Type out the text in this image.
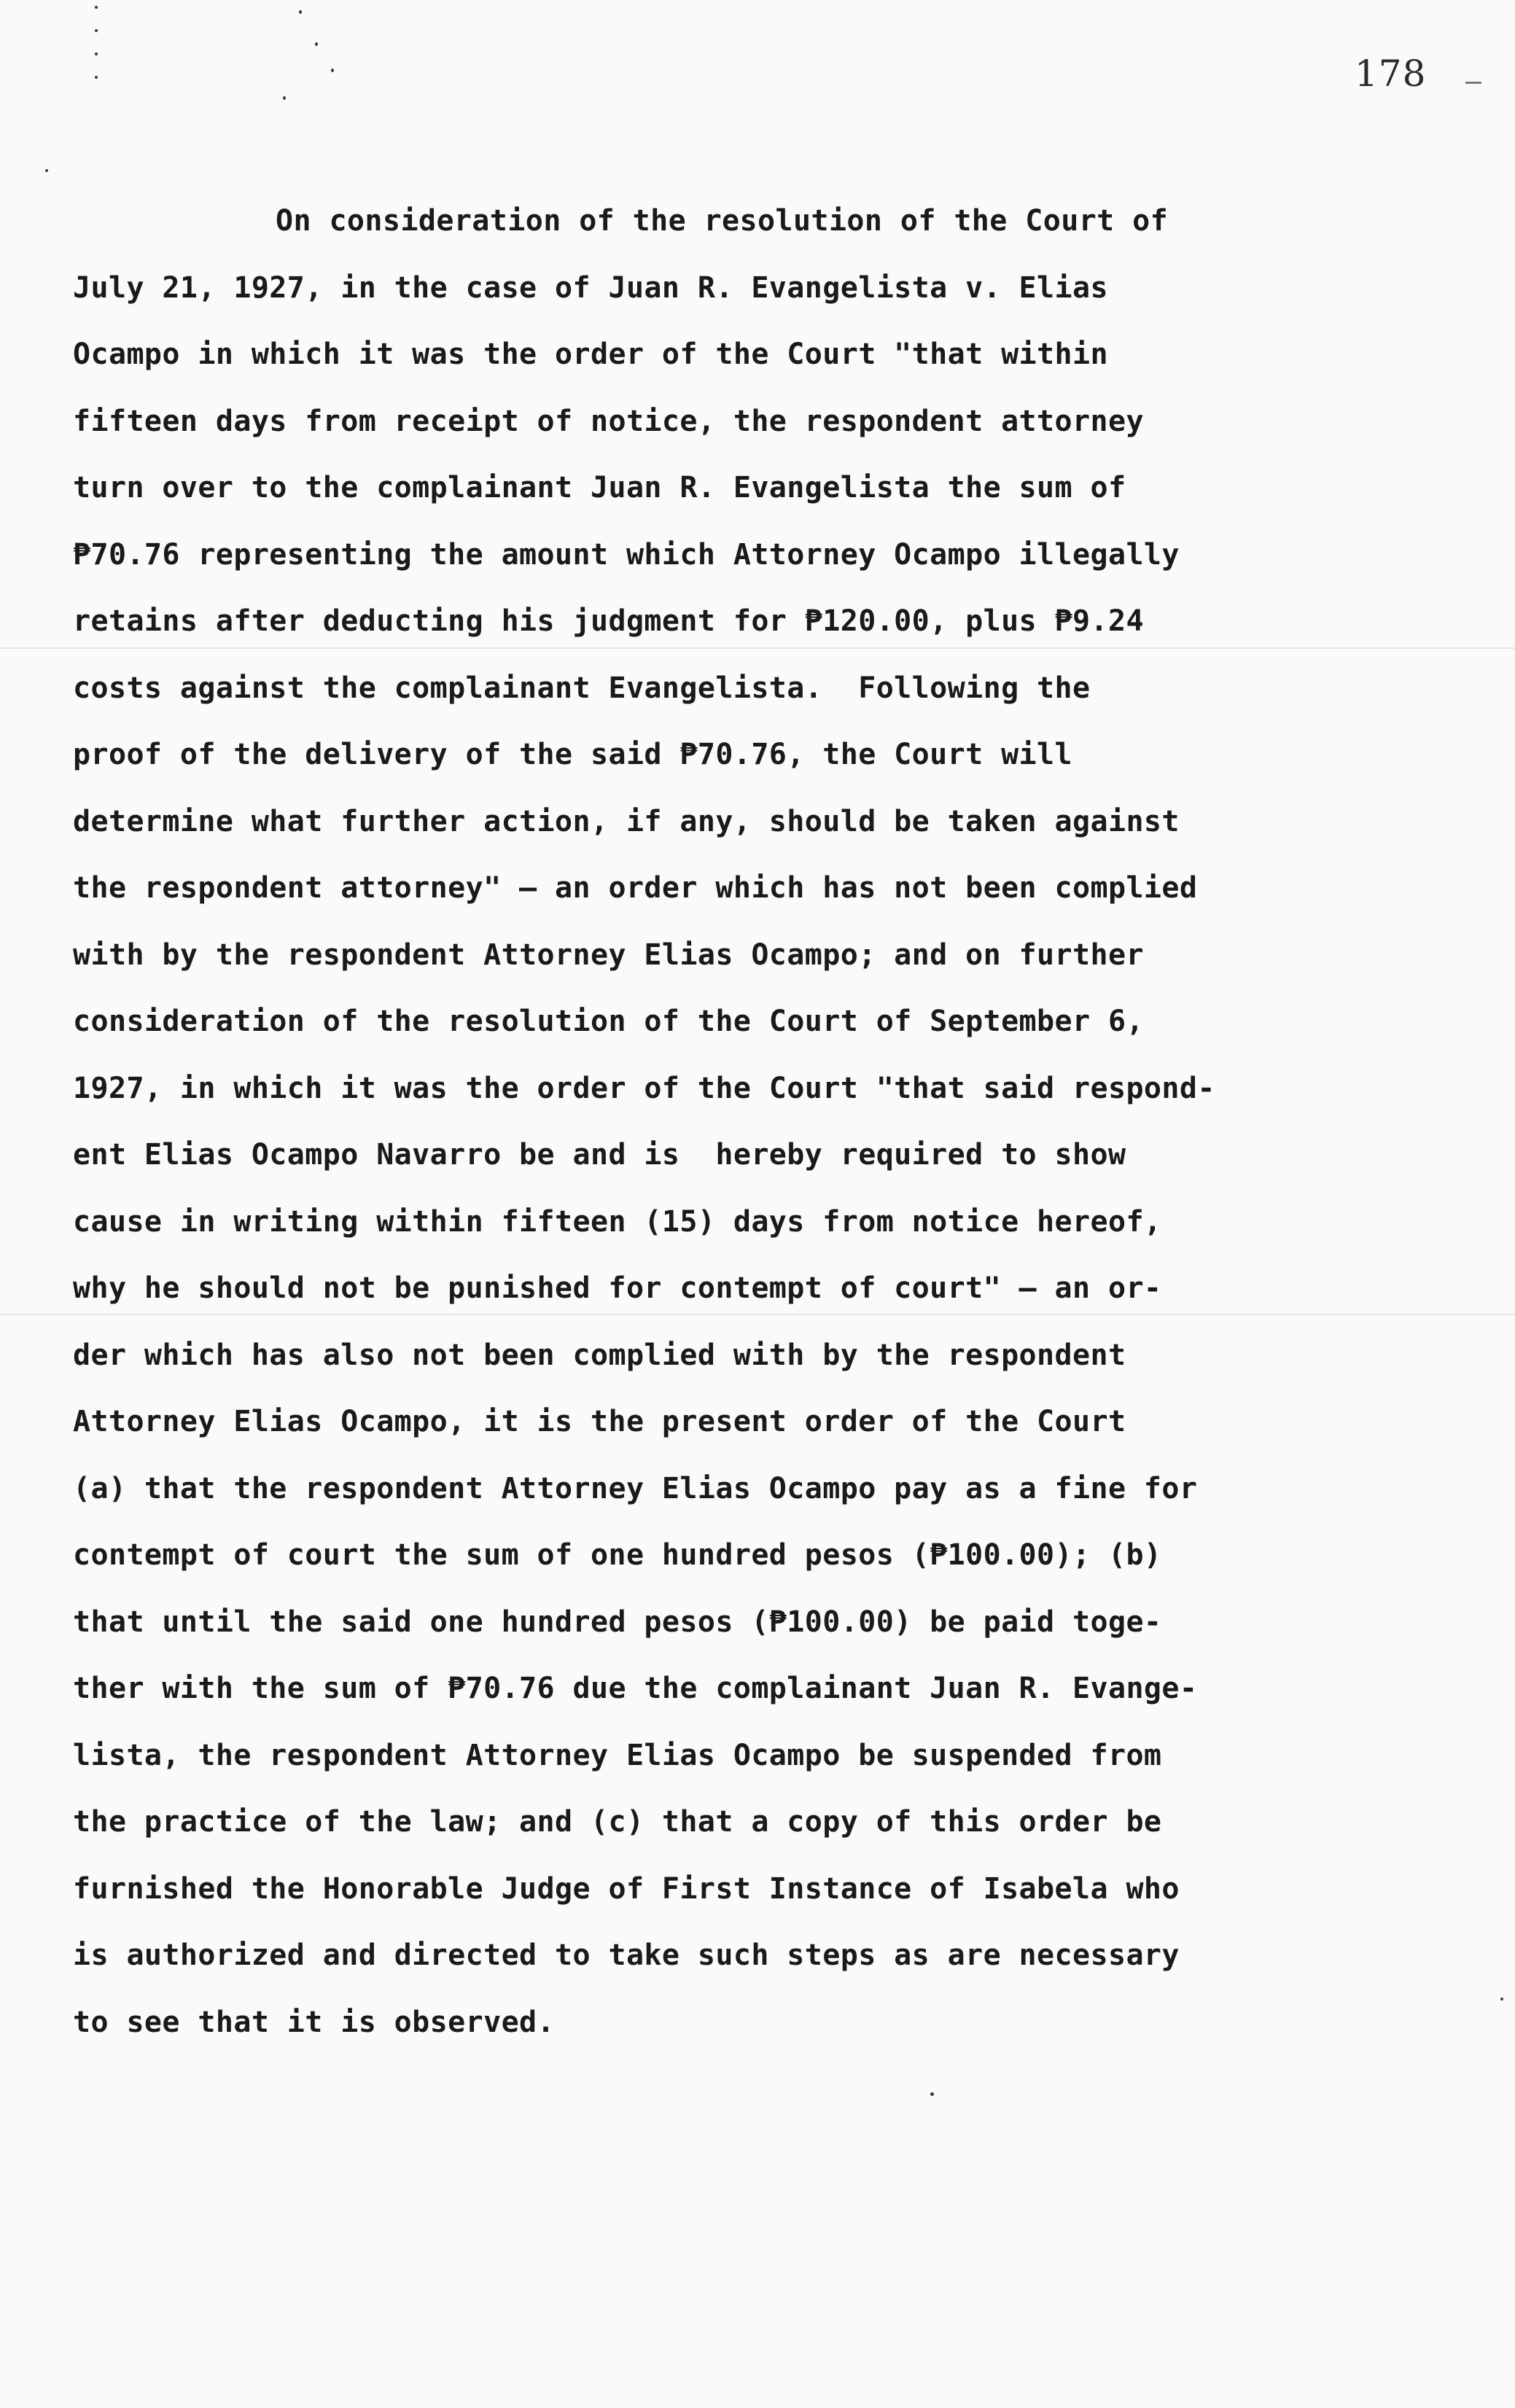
178
On consideration of the resolution of the Court of
July 21, 1927, in the case of Juan R. Evangelista v. Elias
Ocampo in which it was the order of the Court "that within
fifteen days from receipt of notice, the respondent attorney
turn over to the complainant Juan R. Evangelista the sum of
₱70.76 representing the amount which Attorney Ocampo illegally
retains after deducting his judgment for ₱120.00, plus ₱9.24
costs against the complainant Evangelista.  Following the
proof of the delivery of the said ₱70.76, the Court will
determine what further action, if any, should be taken against
the respondent attorney" — an order which has not been complied
with by the respondent Attorney Elias Ocampo; and on further
consideration of the resolution of the Court of September 6,
1927, in which it was the order of the Court "that said respond-
ent Elias Ocampo Navarro be and is  hereby required to show
cause in writing within fifteen (15) days from notice hereof,
why he should not be punished for contempt of court" — an or-
der which has also not been complied with by the respondent
Attorney Elias Ocampo, it is the present order of the Court
(a) that the respondent Attorney Elias Ocampo pay as a fine for
contempt of court the sum of one hundred pesos (₱100.00); (b)
that until the said one hundred pesos (₱100.00) be paid toge-
ther with the sum of ₱70.76 due the complainant Juan R. Evange-
lista, the respondent Attorney Elias Ocampo be suspended from
the practice of the law; and (c) that a copy of this order be
furnished the Honorable Judge of First Instance of Isabela who
is authorized and directed to take such steps as are necessary
to see that it is observed.
